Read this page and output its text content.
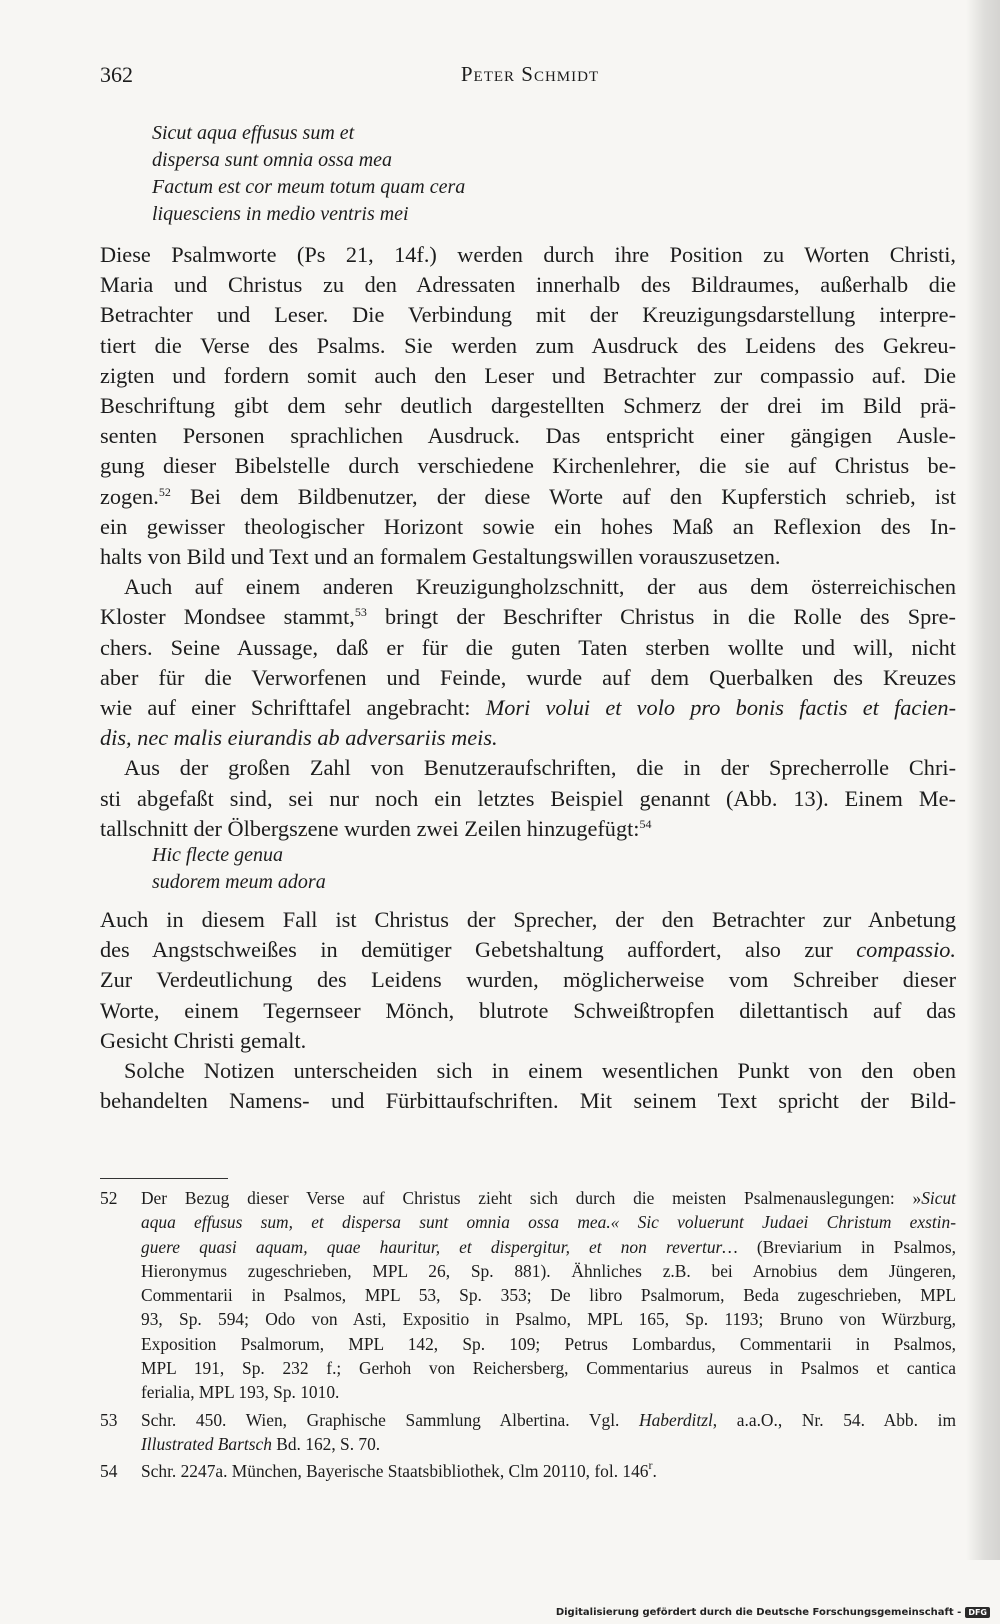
362	Peter Schmidt
Sicut aqua effusus sum et
dispersa sunt omnia ossa mea
Factum est cor meum totum quam cera
liquesciens in medio ventris mei

Diese Psalmworte (Ps 21, 14f.) werden durch ihre Position zu Worten Christi,
Maria und Christus zu den Adressaten innerhalb des Bildraumes, außerhalb die
Betrachter und Leser. Die Verbindung mit der Kreuzigungsdarstellung interpre-
tiert die Verse des Psalms. Sie werden zum Ausdruck des Leidens des Gekreu-
zigten und fordern somit auch den Leser und Betrachter zur compassio auf. Die
Beschriftung gibt dem sehr deutlich dargestellten Schmerz der drei im Bild prä-
senten Personen sprachlichen Ausdruck. Das entspricht einer gängigen Ausle-
gung dieser Bibelstelle durch verschiedene Kirchenlehrer, die sie auf Christus be-
zogen.$^{52}$ Bei dem Bildbenutzer, der diese Worte auf den Kupferstich schrieb, ist
ein gewisser theologischer Horizont sowie ein hohes Maß an Reflexion des In-
halts von Bild und Text und an formalem Gestaltungswillen vorauszusetzen.

Auch auf einem anderen Kreuzigungholzschnitt, der aus dem österreichischen
Kloster Mondsee stammt,$^{53}$ bringt der Beschrifter Christus in die Rolle des Spre-
chers. Seine Aussage, daß er für die guten Taten sterben wollte und will, nicht
aber für die Verworfenen und Feinde, wurde auf dem Querbalken des Kreuzes
wie auf einer Schrifttafel angebracht: Mori volui et volo pro bonis factis et facien-
dis, nec malis eiurandis ab adversariis meis.

Aus der großen Zahl von Benutzeraufschriften, die in der Sprecherrolle Chri-
sti abgefaßt sind, sei nur noch ein letztes Beispiel genannt (Abb. 13). Einem Me-
tallschnitt der Ölbergszene wurden zwei Zeilen hinzugefügt:$^{54}$

Hic flecte genua
sudorem meum adora

Auch in diesem Fall ist Christus der Sprecher, der den Betrachter zur Anbetung
des Angstschweißes in demütiger Gebetshaltung auffordert, also zur compassio.
Zur Verdeutlichung des Leidens wurden, möglicherweise vom Schreiber dieser
Worte, einem Tegernseer Mönch, blutrote Schweißtropfen dilettantisch auf das
Gesicht Christi gemalt.

Solche Notizen unterscheiden sich in einem wesentlichen Punkt von den oben
behandelten Namens- und Fürbittaufschriften. Mit seinem Text spricht der Bild-

52 Der Bezug dieser Verse auf Christus zieht sich durch die meisten Psalmenauslegungen: »Sicut
aqua effusus sum, et dispersa sunt omnia ossa mea.« Sic voluerunt Judaei Christum exstin-
guere quasi aquam, quae hauritur, et dispergitur, et non revertur… (Breviarium in Psalmos,
Hieronymus zugeschrieben, MPL 26, Sp. 881). Ähnliches z.B. bei Arnobius dem Jüngeren,
Commentarii in Psalmos, MPL 53, Sp. 353; De libro Psalmorum, Beda zugeschrieben, MPL
93, Sp. 594; Odo von Asti, Expositio in Psalmo, MPL 165, Sp. 1193; Bruno von Würzburg,
Exposition Psalmorum, MPL 142, Sp. 109; Petrus Lombardus, Commentarii in Psalmos,
MPL 191, Sp. 232 f.; Gerhoh von Reichersberg, Commentarius aureus in Psalmos et cantica
ferialia, MPL 193, Sp. 1010.
53 Schr. 450. Wien, Graphische Sammlung Albertina. Vgl. Haberditzl, a.a.O., Nr. 54. Abb. im
Illustrated Bartsch Bd. 162, S. 70.
54 Schr. 2247a. München, Bayerische Staatsbibliothek, Clm 20110, fol. 146$^r$.
Digitalisierung gefördert durch die Deutsche Forschungsgemeinschaft - DFG
